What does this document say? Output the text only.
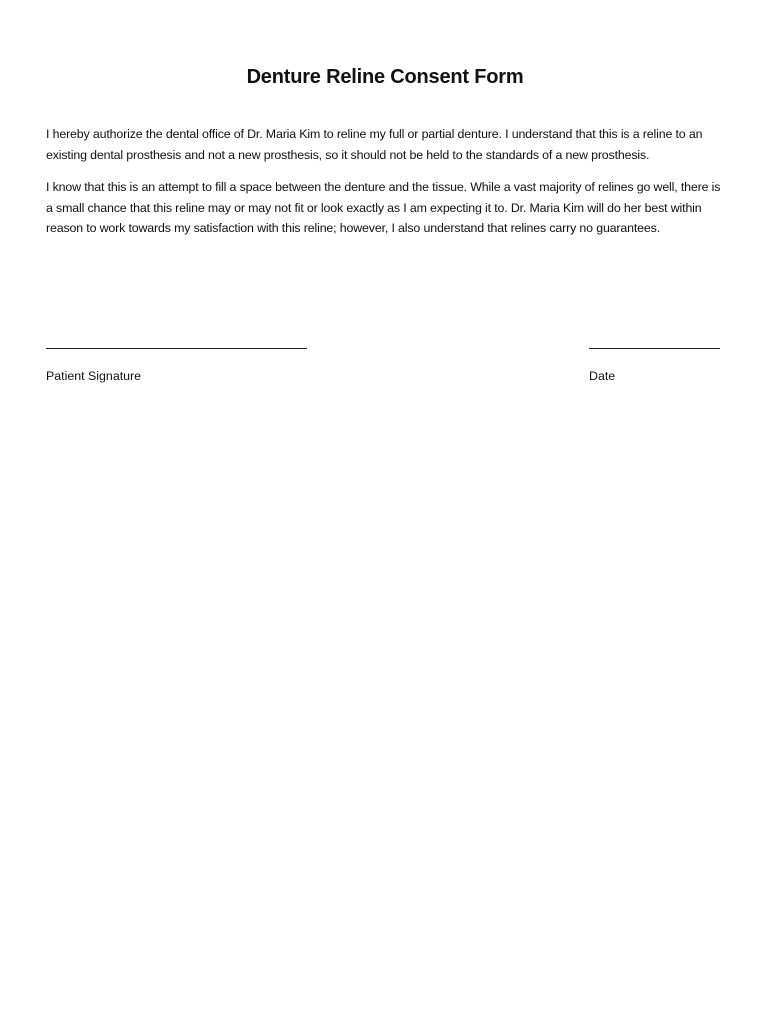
Denture Reline Consent Form

I hereby authorize the dental office of Dr. Maria Kim to reline my full or partial denture. I understand that this is a reline to an existing dental prosthesis and not a new prosthesis, so it should not be held to the standards of a new prosthesis.

I know that this is an attempt to fill a space between the denture and the tissue. While a vast majority of relines go well, there is a small chance that this reline may or may not fit or look exactly as I am expecting it to. Dr. Maria Kim will do her best within reason to work towards my satisfaction with this reline; however, I also understand that relines carry no guarantees.

Patient Signature	Date
